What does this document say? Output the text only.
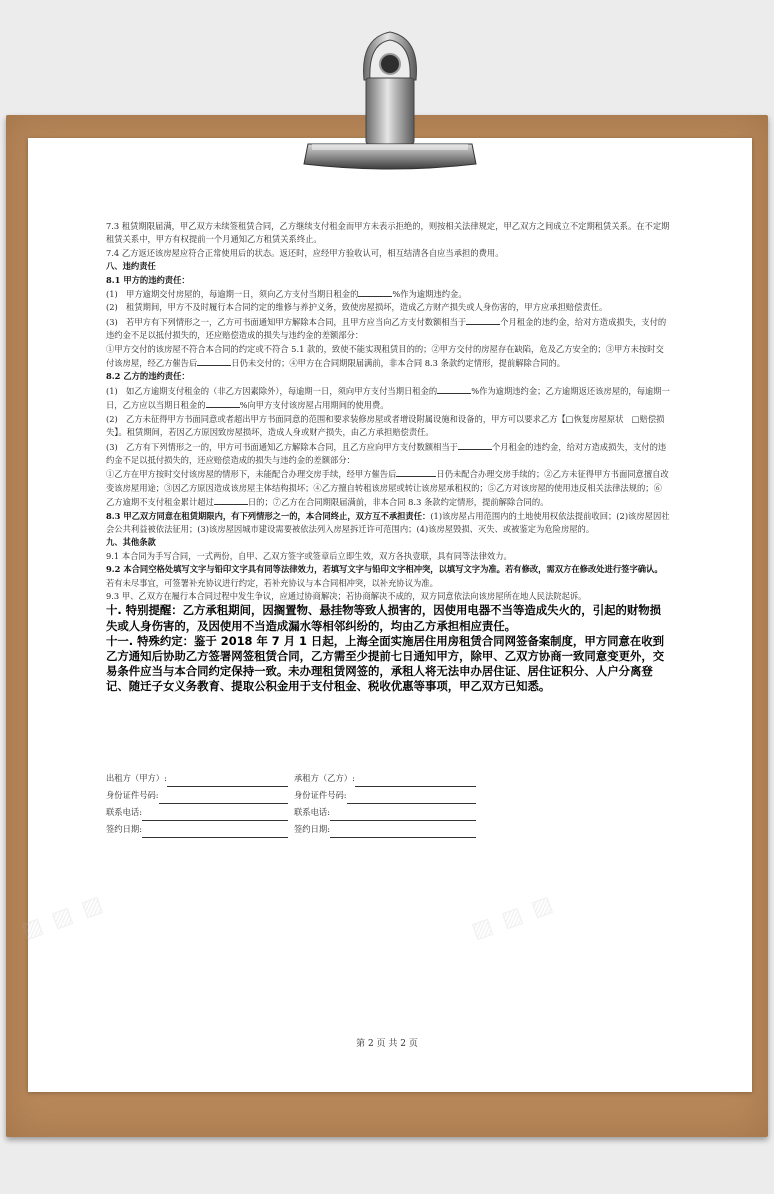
▨ ▨ ▨	▨ ▨ ▨

7.3 租赁期限届满，甲乙双方未续签租赁合同，乙方继续支付租金而甲方未表示拒绝的，则按相关法律规定，甲乙双方之间成立不定期租赁关系。在不定期租赁关系中，甲方有权提前一个月通知乙方租赁关系终止。

7.4 乙方返还该房屋应符合正常使用后的状态。返还时，应经甲方验收认可，相互结清各自应当承担的费用。

八、违约责任

8.1 甲方的违约责任：

(1)　甲方逾期交付房屋的，每逾期一日，须向乙方支付当期日租金的	%作为逾期违约金。

(2)　租赁期间，甲方不及时履行本合同约定的维修与养护义务，致使房屋损坏，造成乙方财产损失或人身伤害的，甲方应承担赔偿责任。

(3)　若甲方有下列情形之一，乙方可书面通知甲方解除本合同，且甲方应当向乙方支付数额相当于	个月租金的违约金，给对方造成损失，支付的违约金不足以抵付损失的，还应赔偿造成的损失与违约金的差额部分：

①甲方交付的该房屋不符合本合同的约定或不符合 5.1 款的，致使不能实现租赁目的的；②甲方交付的房屋存在缺陷，危及乙方安全的；③甲方未按时交付该房屋，经乙方催告后	日仍未交付的；④甲方在合同期限届满前，非本合同 8.3 条款约定情形，提前解除合同的。

8.2 乙方的违约责任：

(1)　如乙方逾期支付租金的（非乙方因素除外），每逾期一日，须向甲方支付当期日租金的	%作为逾期违约金；乙方逾期返还该房屋的，每逾期一日，乙方应以当期日租金的	%向甲方支付该房屋占用期间的使用费。

(2)　乙方未征得甲方书面同意或者超出甲方书面同意的范围和要求装修房屋或者增设附属设施和设备的，甲方可以要求乙方【□恢复房屋原状　□赔偿损失】。租赁期间，若因乙方原因致房屋损坏，造成人身或财产损失，由乙方承担赔偿责任。

(3)　乙方有下列情形之一的，甲方可书面通知乙方解除本合同，且乙方应向甲方支付数额相当于	个月租金的违约金，给对方造成损失，支付的违约金不足以抵付损失的，还应赔偿造成的损失与违约金的差额部分：

①乙方在甲方按时交付该房屋的情形下，未能配合办理交房手续，经甲方催告后	日仍未配合办理交房手续的；②乙方未征得甲方书面同意擅自改变该房屋用途；③因乙方原因造成该房屋主体结构损坏；④乙方擅自转租该房屋或转让该房屋承租权的；⑤乙方对该房屋的使用违反相关法律法规的；⑥乙方逾期不支付租金累计超过	日的；⑦乙方在合同期限届满前，非本合同 8.3 条款约定情形，提前解除合同的。

8.3 甲乙双方同意在租赁期限内，有下列情形之一的，本合同终止，双方互不承担责任：(1)该房屋占用范围内的土地使用权依法提前收回；(2)该房屋因社会公共利益被依法征用；(3)该房屋因城市建设需要被依法列入房屋拆迁许可范围内；(4)该房屋毁损、灭失、或被鉴定为危险房屋的。

九、其他条款

9.1 本合同为手写合同，一式两份，自甲、乙双方签字或签章后立即生效，双方各执壹联，具有同等法律效力。

9.2 本合同空格处填写文字与铅印文字具有同等法律效力，若填写文字与铅印文字相冲突，以填写文字为准。若有修改，需双方在修改处进行签字确认。若有未尽事宜，可签署补充协议进行约定，若补充协议与本合同相冲突，以补充协议为准。

9.3 甲、乙双方在履行本合同过程中发生争议，应通过协商解决；若协商解决不成的，双方同意依法向该房屋所在地人民法院起诉。

十. 特别提醒：乙方承租期间，因搁置物、悬挂物等致人损害的，因使用电器不当等造成失火的，引起的财物损失或人身伤害的，及因使用不当造成漏水等相邻纠纷的，均由乙方承担相应责任。

十一. 特殊约定：鉴于 2018 年 7 月 1 日起，上海全面实施居住用房租赁合同网签备案制度，甲方同意在收到乙方通知后协助乙方签署网签租赁合同，乙方需至少提前七日通知甲方，除甲、乙双方协商一致同意变更外，交易条件应当与本合同约定保持一致。未办理租赁网签的，承租人将无法申办居住证、居住证积分、人户分离登记、随迁子女义务教育、提取公积金用于支付租金、税收优惠等事项，甲乙双方已知悉。

出租方（甲方）:	承租方（乙方）:
身份证件号码:	身份证件号码:
联系电话:	联系电话:
签约日期:	签约日期:
第 2 页 共 2 页
